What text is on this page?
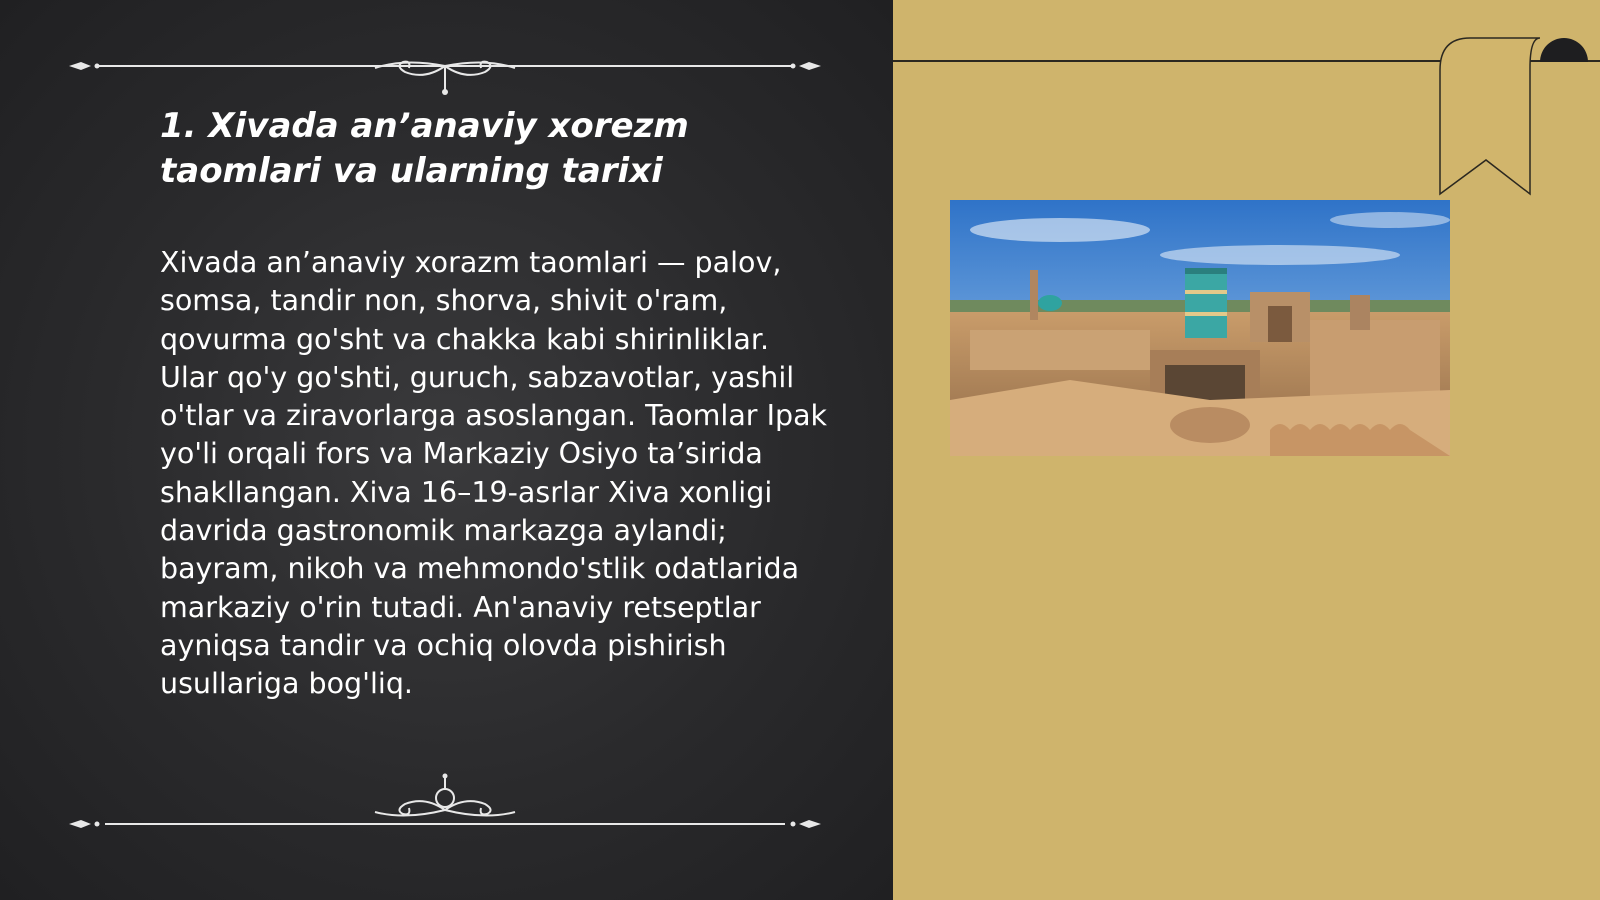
1. Xivada an’anaviy xorezm taomlari va ularning tarixi

Xivada an’anaviy xorazm taomlari — palov, somsa, tandir non, shorva, shivit o'ram, qovurma go'sht va chakka kabi shirinliklar. Ular qo'y go'shti, guruch, sabzavotlar, yashil o'tlar va ziravorlarga asoslangan. Taomlar Ipak yo'li orqali fors va Markaziy Osiyo ta’sirida shakllangan. Xiva 16–19-asrlar Xiva xonligi davrida gastronomik markazga aylandi; bayram, nikoh va mehmondo'stlik odatlarida markaziy o'rin tutadi. An'anaviy retseptlar ayniqsa tandir va ochiq olovda pishirish usullariga bog'liq.
